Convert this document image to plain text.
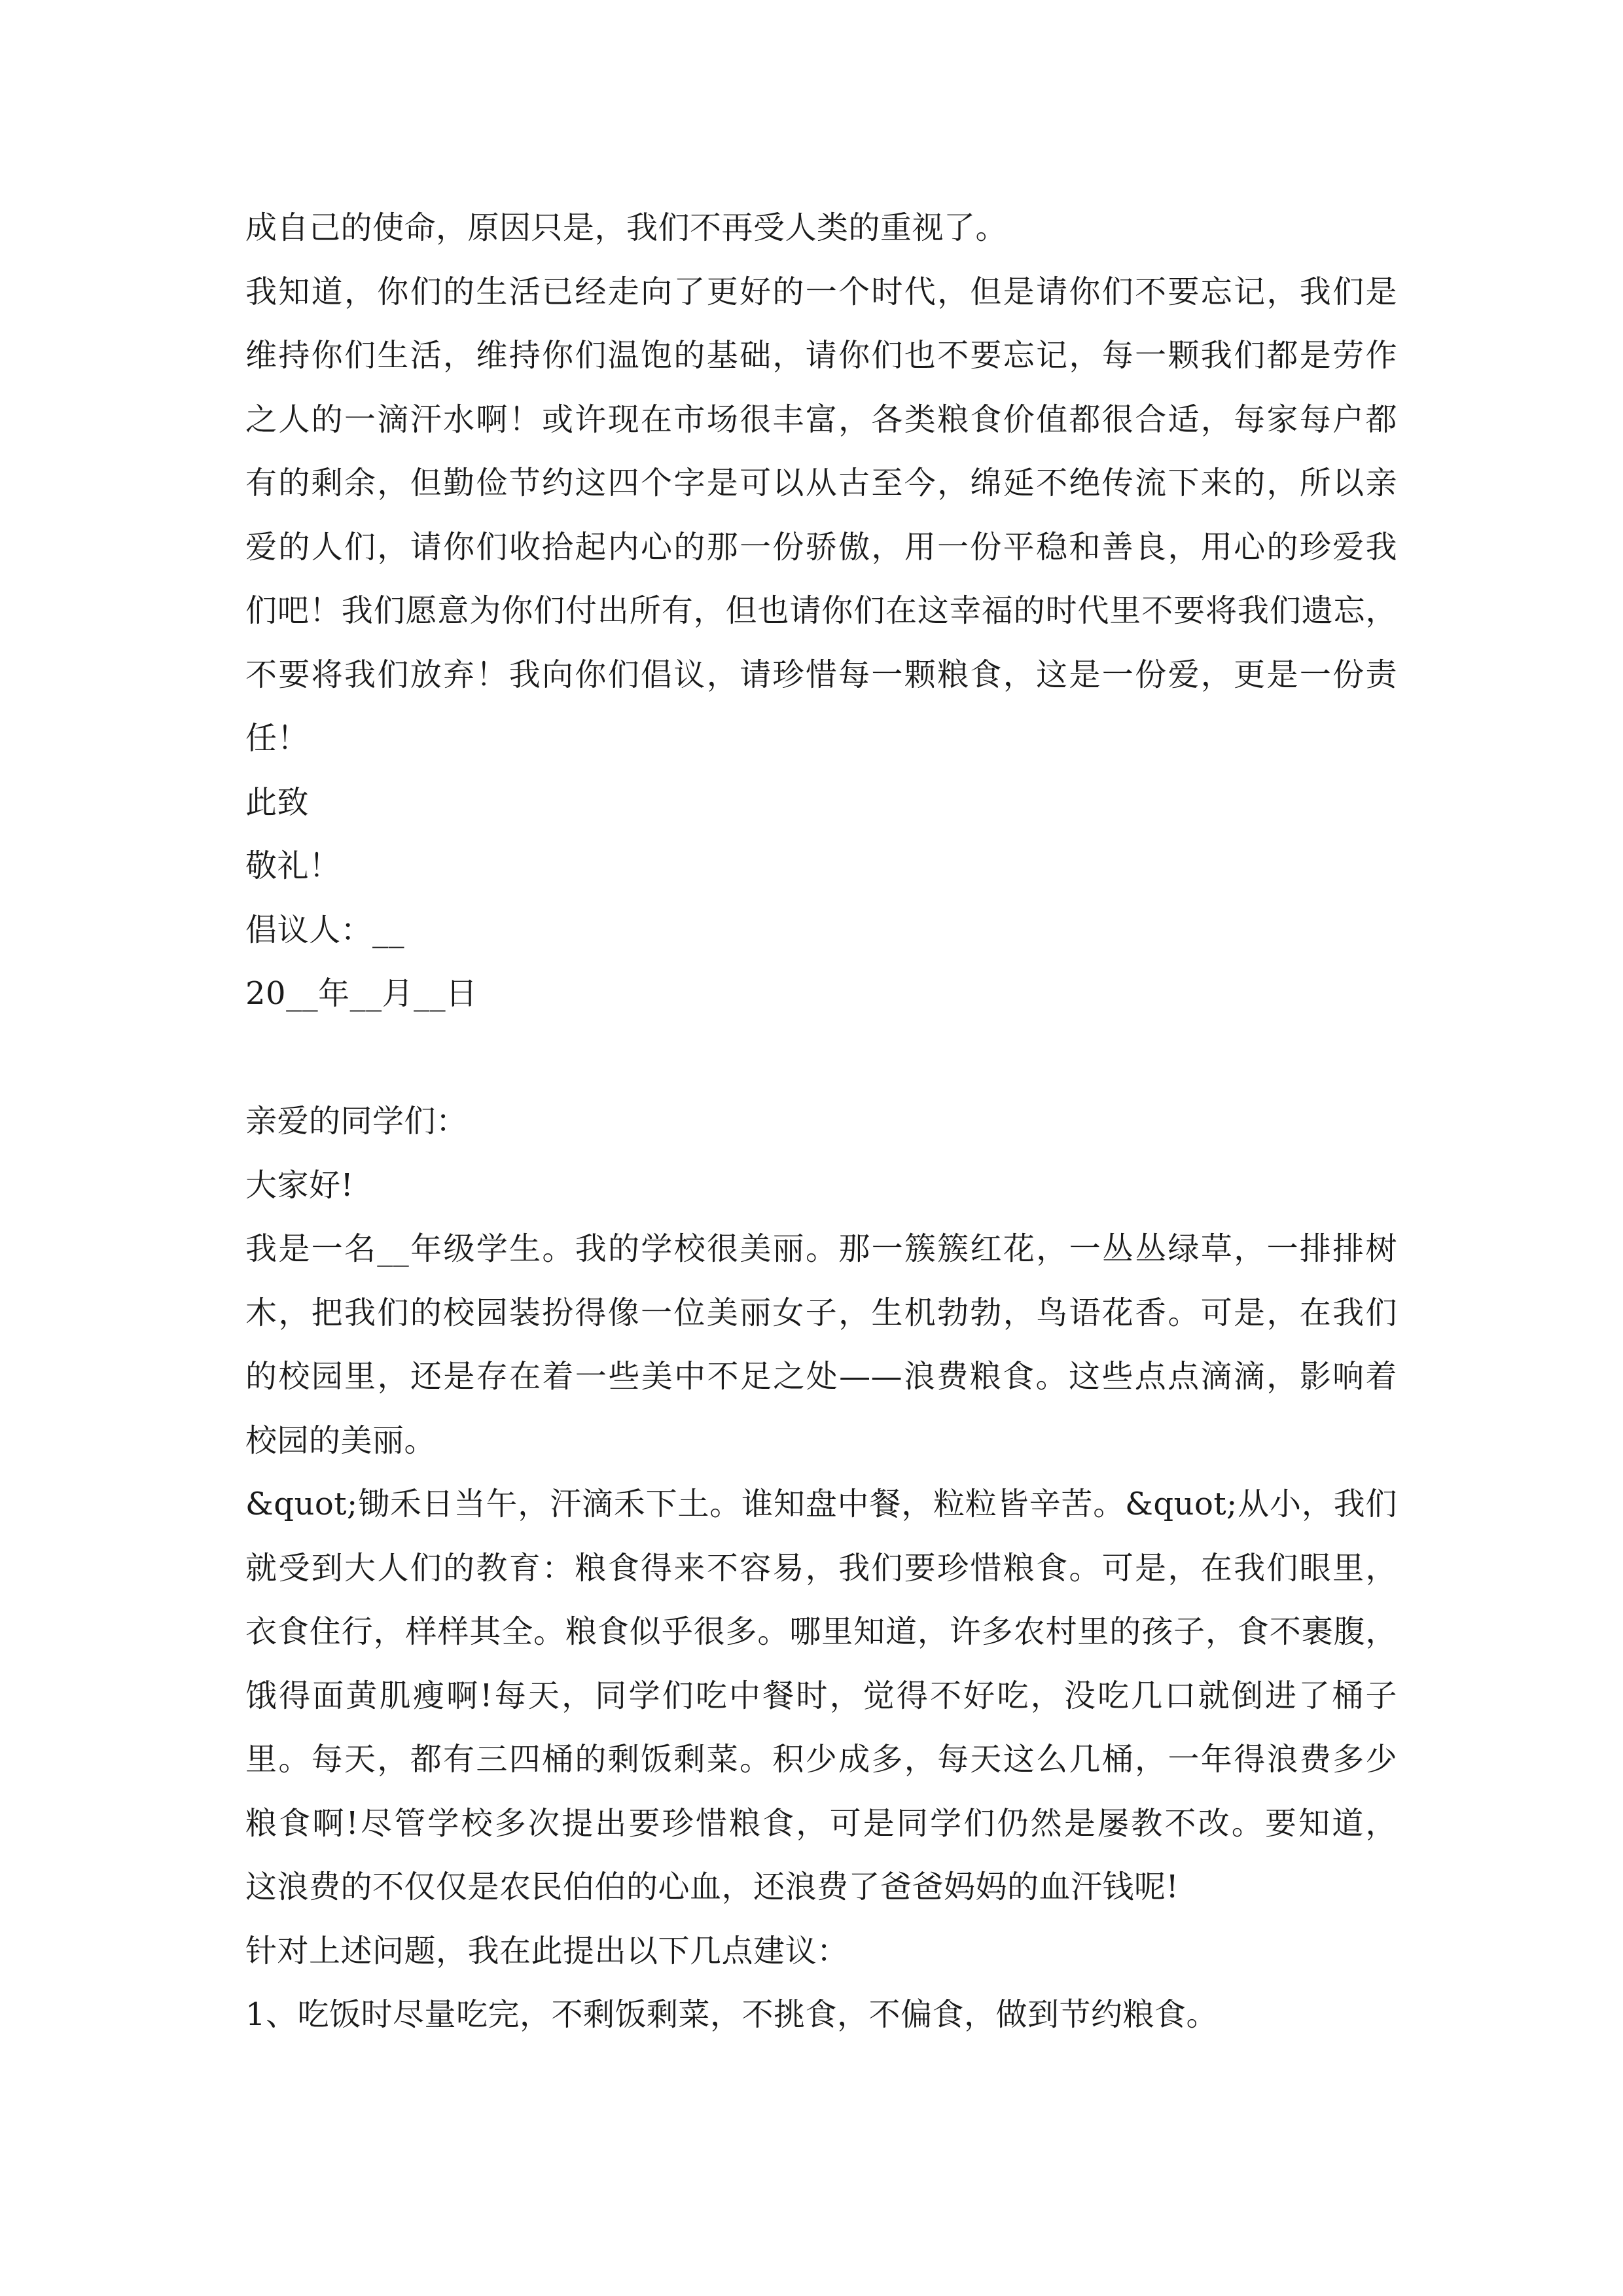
成自己的使命，原因只是，我们不再受人类的重视了。

我知道，你们的生活已经走向了更好的一个时代，但是请你们不要忘记，我们是

维持你们生活，维持你们温饱的基础，请你们也不要忘记，每一颗我们都是劳作

之人的一滴汗水啊！或许现在市场很丰富，各类粮食价值都很合适，每家每户都

有的剩余，但勤俭节约这四个字是可以从古至今，绵延不绝传流下来的，所以亲

爱的人们，请你们收拾起内心的那一份骄傲，用一份平稳和善良，用心的珍爱我

们吧！我们愿意为你们付出所有，但也请你们在这幸福的时代里不要将我们遗忘，

不要将我们放弃！我向你们倡议，请珍惜每一颗粮食，这是一份爱，更是一份责

任！

此致

敬礼！

倡议人：__

20__年__月__日

亲爱的同学们：

大家好!

我是一名__年级学生。我的学校很美丽。那一簇簇红花，一丛丛绿草，一排排树

木，把我们的校园装扮得像一位美丽女子，生机勃勃，鸟语花香。可是，在我们

的校园里，还是存在着一些美中不足之处——浪费粮食。这些点点滴滴，影响着

校园的美丽。

&quot;锄禾日当午，汗滴禾下土。谁知盘中餐，粒粒皆辛苦。&quot;从小，我们

就受到大人们的教育：粮食得来不容易，我们要珍惜粮食。可是，在我们眼里，

衣食住行，样样其全。粮食似乎很多。哪里知道，许多农村里的孩子，食不裹腹，

饿得面黄肌瘦啊!每天，同学们吃中餐时，觉得不好吃，没吃几口就倒进了桶子

里。每天，都有三四桶的剩饭剩菜。积少成多，每天这么几桶，一年得浪费多少

粮食啊!尽管学校多次提出要珍惜粮食，可是同学们仍然是屡教不改。要知道，

这浪费的不仅仅是农民伯伯的心血，还浪费了爸爸妈妈的血汗钱呢!

针对上述问题，我在此提出以下几点建议：

1、吃饭时尽量吃完，不剩饭剩菜，不挑食，不偏食，做到节约粮食。
